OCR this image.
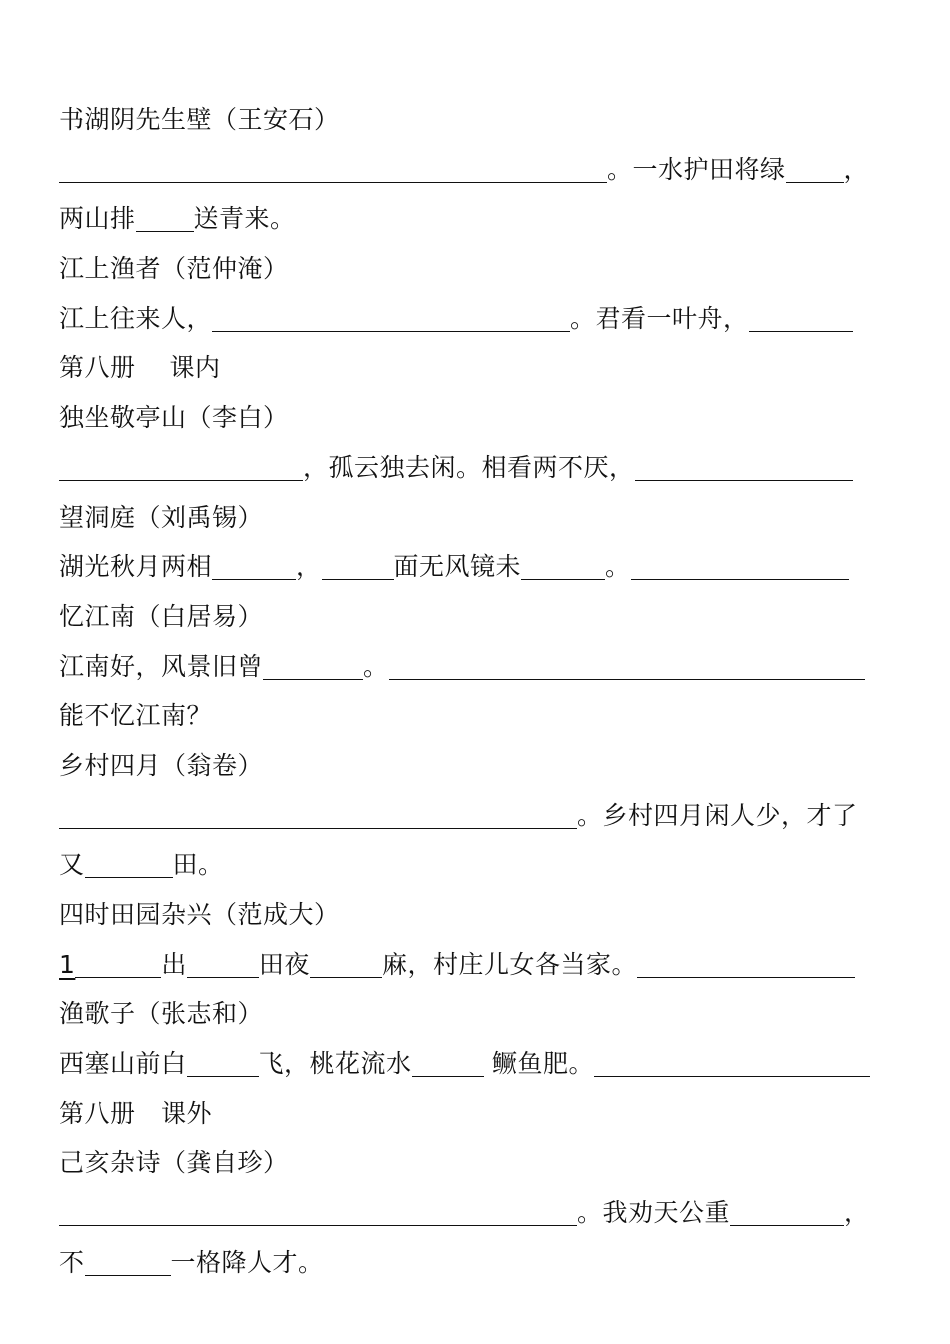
书湖阴先生壁（王安石）
。一水护田将绿 ，
两山排 送青来。
江上渔者（范仲淹）
江上往来人，	。君看一叶舟，
第八册　 课内
独坐敬亭山（李白）
，孤云独去闲。相看两不厌，
望洞庭（刘禹锡）
湖光秋月两相	，	面无风镜未	。
忆江南（白居易）
江南好，风景旧曾	。
能不忆江南？
乡村四月（翁卷）
。乡村四月闲人少，才了
又	田。
四时田园杂兴（范成大）
1	出	田夜	麻，村庄儿女各当家。
渔歌子（张志和）
西塞山前白	飞，桃花流水	鳜鱼肥。
第八册　课外
己亥杂诗（龚自珍）
。我劝天公重	，
不	一格降人才。
